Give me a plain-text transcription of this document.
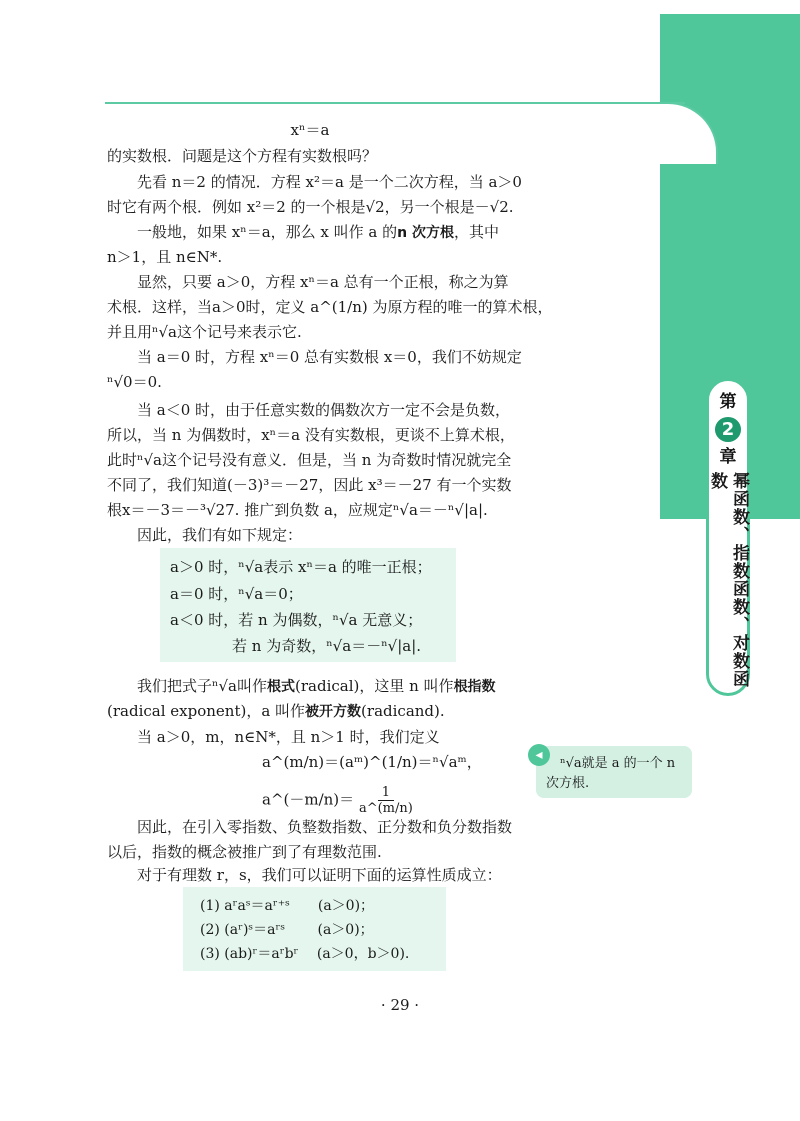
第
2
章
幂函数、指数函数、对数函数
xⁿ＝a
的实数根．问题是这个方程有实数根吗？
先看 n＝2 的情况．方程 x²＝a 是一个二次方程，当 a＞0
时它有两个根．例如 x²＝2 的一个根是√2，另一个根是－√2.
一般地，如果 xⁿ＝a，那么 x 叫作 a 的n 次方根，其中
n＞1，且 n∈N*.
显然，只要 a＞0，方程 xⁿ＝a 总有一个正根，称之为算
术根．这样，当a＞0时，定义 a^(1/n) 为原方程的唯一的算术根，
并且用ⁿ√a这个记号来表示它.
当 a＝0 时，方程 xⁿ＝0 总有实数根 x＝0，我们不妨规定
ⁿ√0＝0.
当 a＜0 时，由于任意实数的偶数次方一定不会是负数，
所以，当 n 为偶数时，xⁿ＝a 没有实数根，更谈不上算术根，
此时ⁿ√a这个记号没有意义．但是，当 n 为奇数时情况就完全
不同了，我们知道(－3)³＝－27，因此 x³＝－27 有一个实数
根x＝－3＝－³√27. 推广到负数 a，应规定ⁿ√a＝－ⁿ√|a|.
因此，我们有如下规定：
a＞0 时，ⁿ√a表示 xⁿ＝a 的唯一正根；
a＝0 时，ⁿ√a＝0；
a＜0 时，若 n 为偶数，ⁿ√a 无意义；
若 n 为奇数，ⁿ√a＝－ⁿ√|a|.
我们把式子ⁿ√a叫作根式(radical)，这里 n 叫作根指数
(radical exponent)，a 叫作被开方数(radicand).
当 a＞0，m，n∈N*，且 n＞1 时，我们定义
a^(m/n)＝(aᵐ)^(1/n)＝ⁿ√aᵐ，
a^(－m/n)＝ $\frac{1}{a\^{}(m/n)}$
因此，在引入零指数、负整数指数、正分数和负分数指数
以后，指数的概念被推广到了有理数范围.
对于有理数 r，s，我们可以证明下面的运算性质成立：
(1) aʳaˢ＝aʳ⁺ˢ　　(a＞0)；
(2) (aʳ)ˢ＝aʳˢ　　 (a＞0)；
(3) (ab)ʳ＝aʳbʳ　 (a＞0，b＞0).
ⁿ√a就是 a 的一个 n
次方根.
◂
· 29 ·
